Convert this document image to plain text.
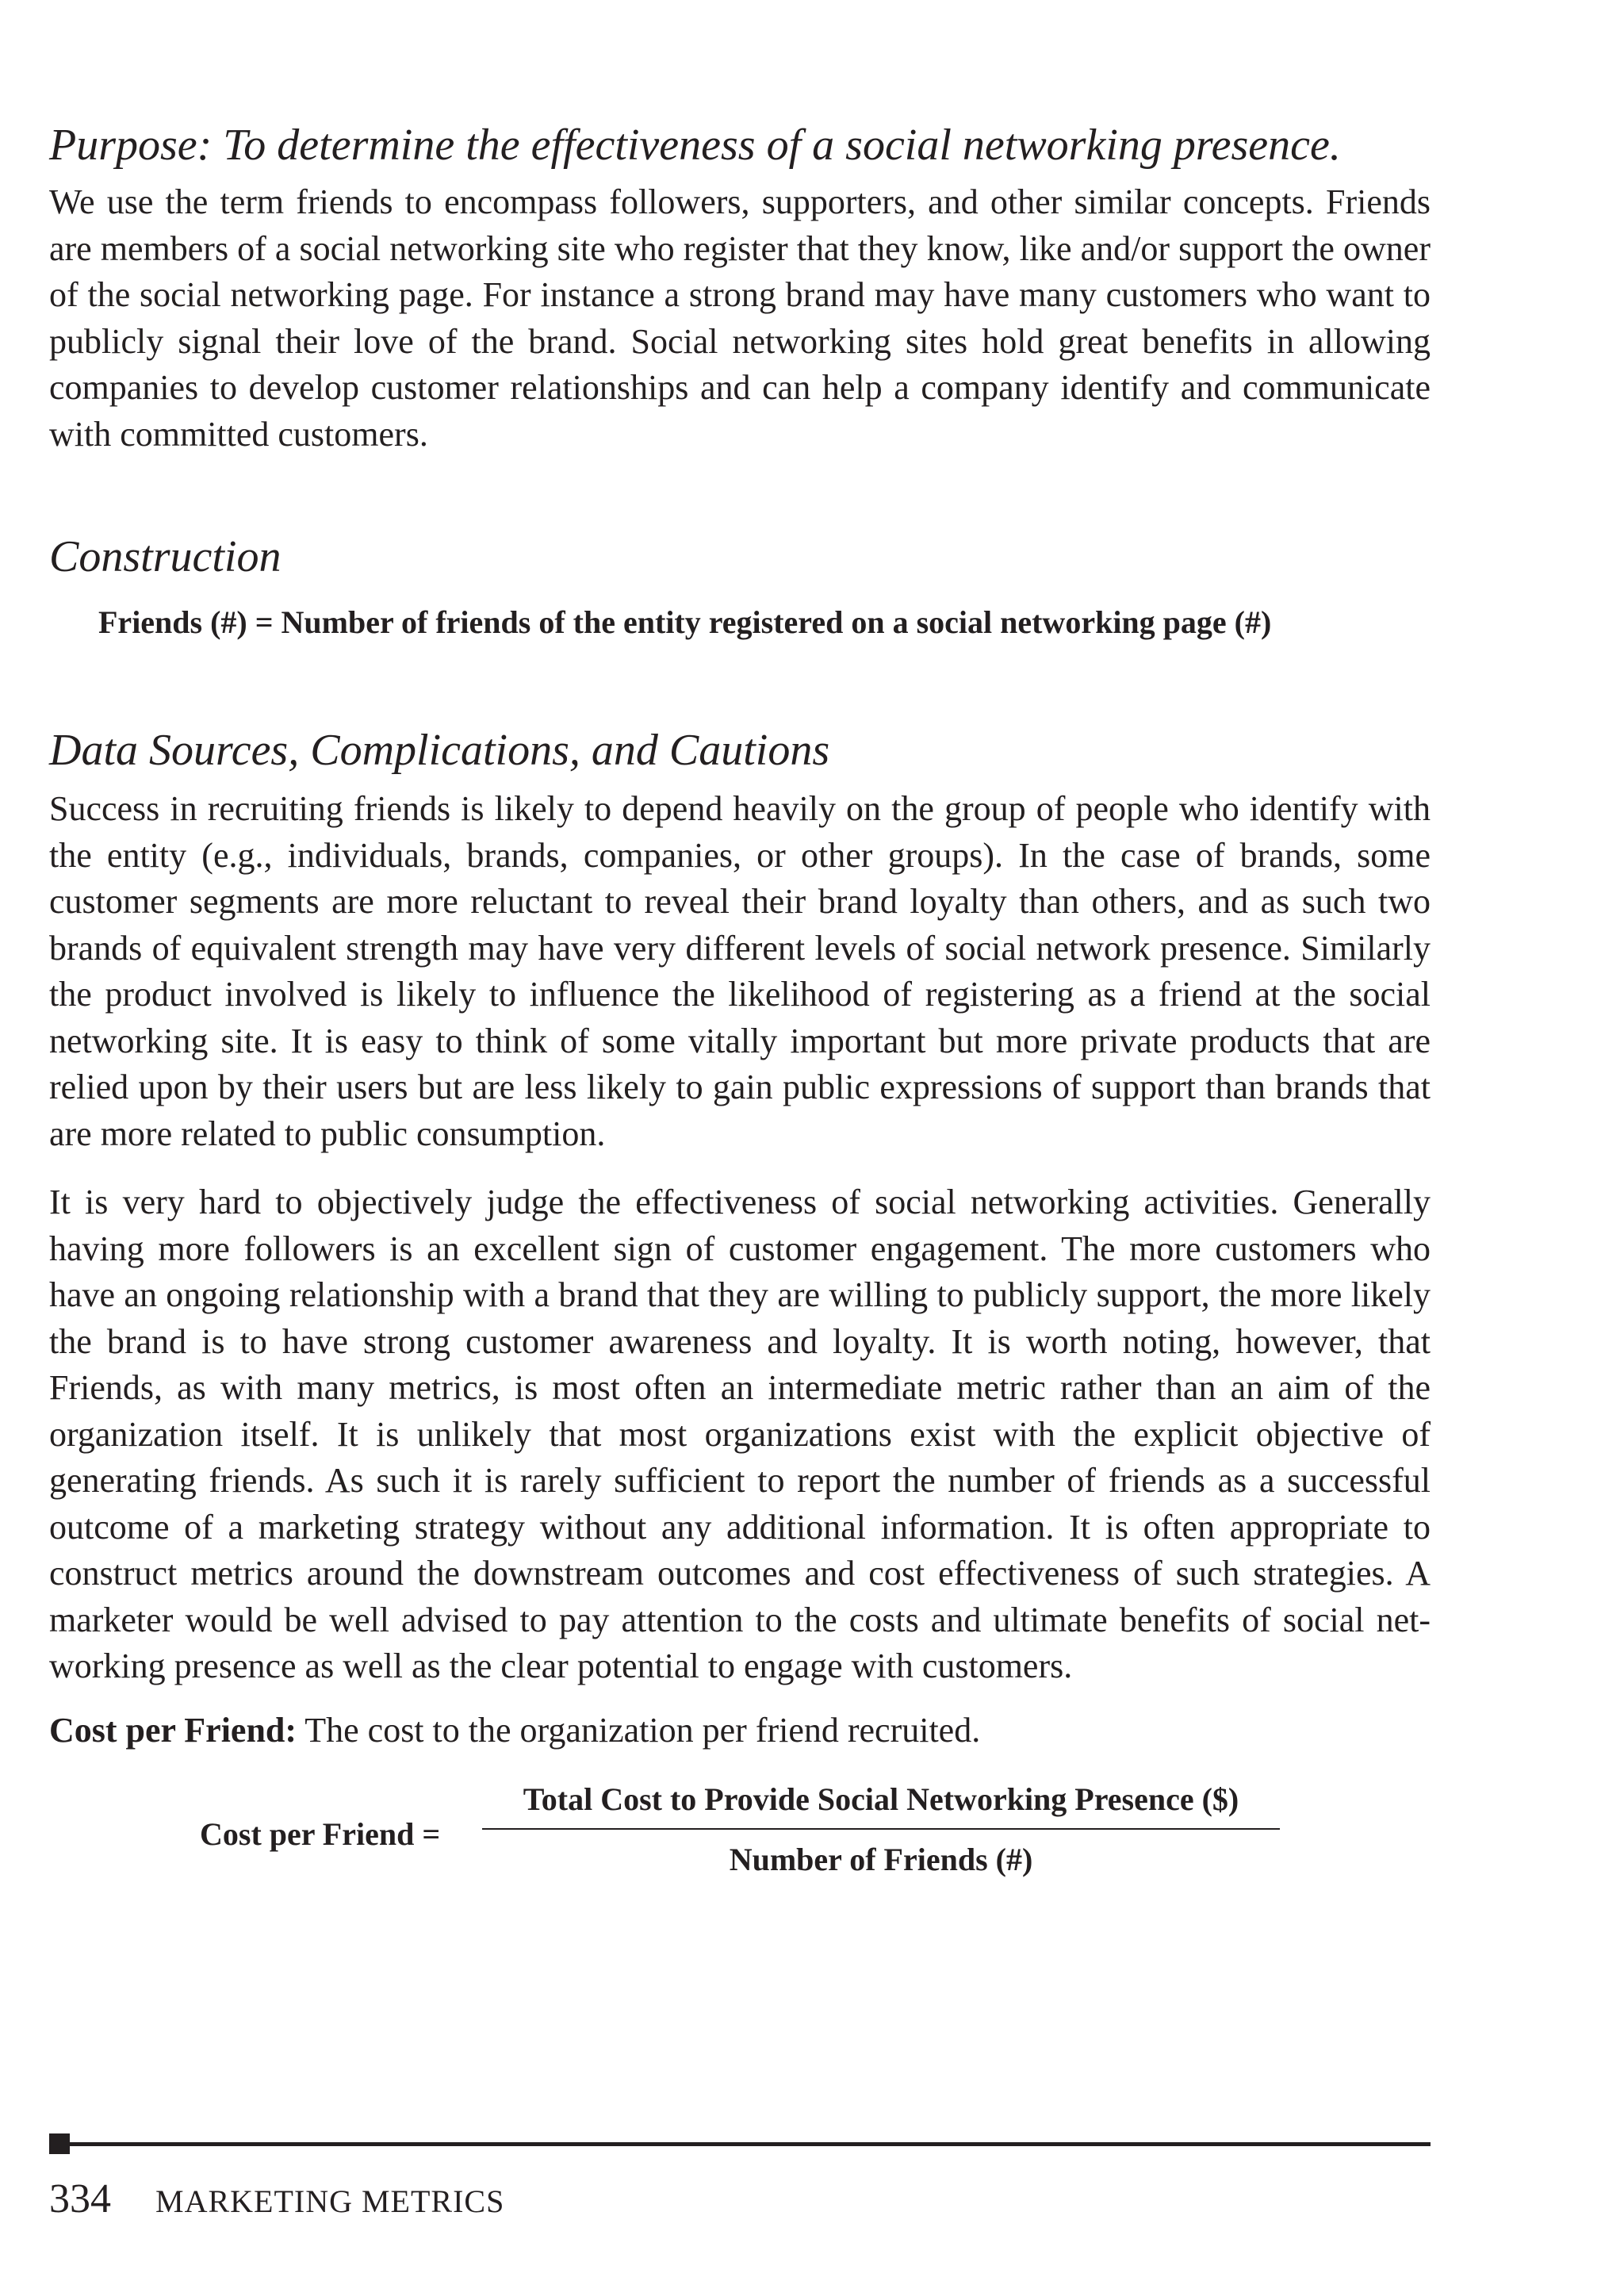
Purpose: To determine the effectiveness of a social networking presence.

We use the term friends to encompass followers, supporters, and other similar concepts. Friends are members of a social networking site who register that they know, like and/or support the owner of the social networking page. For instance a strong brand may have many customers who want to publicly signal their love of the brand. Social networking sites hold great benefits in allowing companies to develop customer relationships and can help a company identify and communicate with committed customers.

Construction
Friends (#) = Number of friends of the entity registered on a social networking page (#)
Data Sources, Complications, and Cautions

Success in recruiting friends is likely to depend heavily on the group of people who identify with the entity (e.g., individuals, brands, companies, or other groups). In the case of brands, some customer segments are more reluctant to reveal their brand loyalty than others, and as such two brands of equivalent strength may have very different levels of social network presence. Similarly the product involved is likely to influence the likelihood of registering as a friend at the social networking site. It is easy to think of some vitally important but more private products that are relied upon by their users but are less likely to gain public expressions of support than brands that are more related to public consumption.

It is very hard to objectively judge the effectiveness of social networking activities. Generally having more followers is an excellent sign of customer engagement. The more customers who have an ongoing relationship with a brand that they are willing to publicly support, the more likely the brand is to have strong customer awareness and loyalty. It is worth noting, however, that Friends, as with many metrics, is most often an intermediate metric rather than an aim of the organization itself. It is unlikely that most organizations exist with the explicit objective of generating friends. As such it is rarely sufficient to report the number of friends as a successful outcome of a marketing strategy without any additional information. It is often appropriate to construct metrics around the downstream outcomes and cost effectiveness of such strategies. A marketer would be well advised to pay attention to the costs and ultimate benefits of social networking presence as well as the clear potential to engage with customers.

Cost per Friend: The cost to the organization per friend recruited.
Cost per Friend =
Total Cost to Provide Social Networking Presence ($)
Number of Friends (#)
334 MARKETING METRICS
